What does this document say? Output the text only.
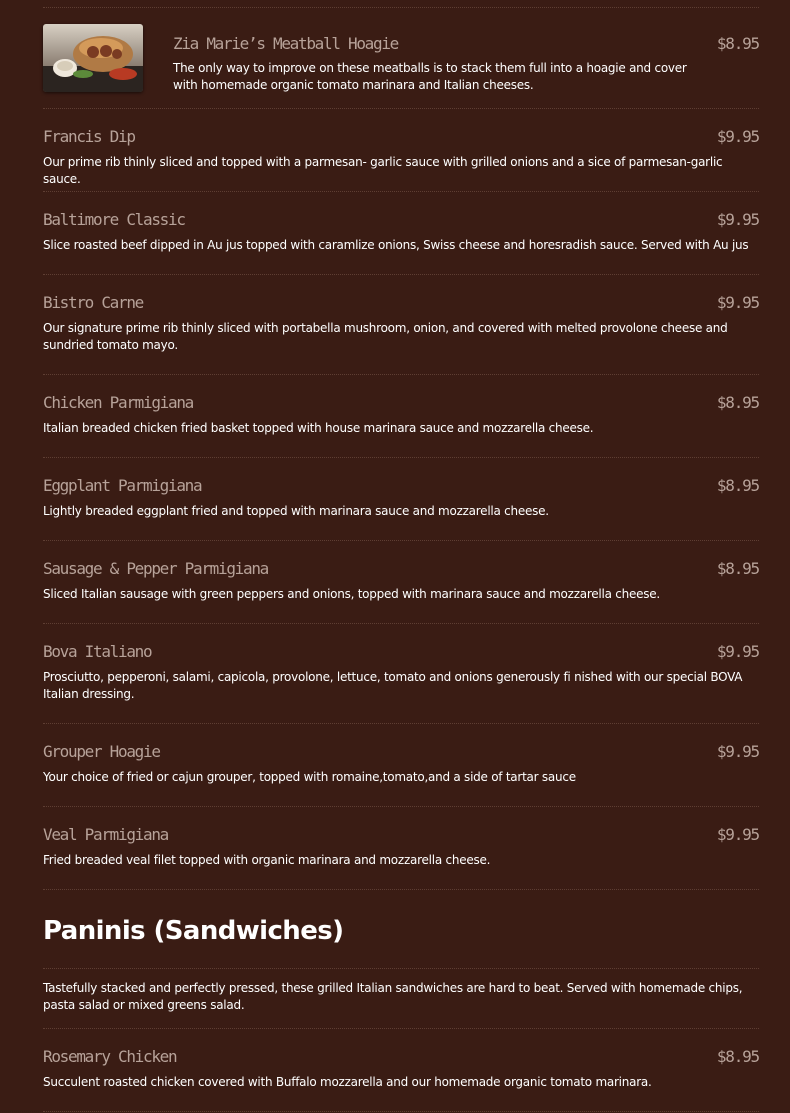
Zia Marie’s Meatball Hoagie
The only way to improve on these meatballs is to stack them full into a hoagie and cover with homemade organic tomato marinara and Italian cheeses.
$8.95
$9.95
Francis Dip
Our prime rib thinly sliced and topped with a parmesan- garlic sauce with grilled onions and a sice of parmesan-garlic sauce.
$9.95
Baltimore Classic
Slice roasted beef dipped in Au jus topped with caramlize onions, Swiss cheese and horesradish sauce. Served with Au jus
$9.95
Bistro Carne
Our signature prime rib thinly sliced with portabella mushroom, onion, and covered with melted provolone cheese and sundried tomato mayo.
$8.95
Chicken Parmigiana
Italian breaded chicken fried basket topped with house marinara sauce and mozzarella cheese.
$8.95
Eggplant Parmigiana
Lightly breaded eggplant fried and topped with marinara sauce and mozzarella cheese.
$8.95
Sausage & Pepper Parmigiana
Sliced Italian sausage with green peppers and onions, topped with marinara sauce and mozzarella cheese.
$9.95
Bova Italiano
Prosciutto, pepperoni, salami, capicola, provolone, lettuce, tomato and onions generously fi nished with our special BOVA Italian dressing.
$9.95
Grouper Hoagie
Your choice of fried or cajun grouper, topped with romaine,tomato,and a side of tartar sauce
$9.95
Veal Parmigiana
Fried breaded veal filet topped with organic marinara and mozzarella cheese.
Paninis (Sandwiches)
Tastefully stacked and perfectly pressed, these grilled Italian sandwiches are hard to beat. Served with homemade chips, pasta salad or mixed greens salad.
$8.95
Rosemary Chicken
Succulent roasted chicken covered with Buffalo mozzarella and our homemade organic tomato marinara.
